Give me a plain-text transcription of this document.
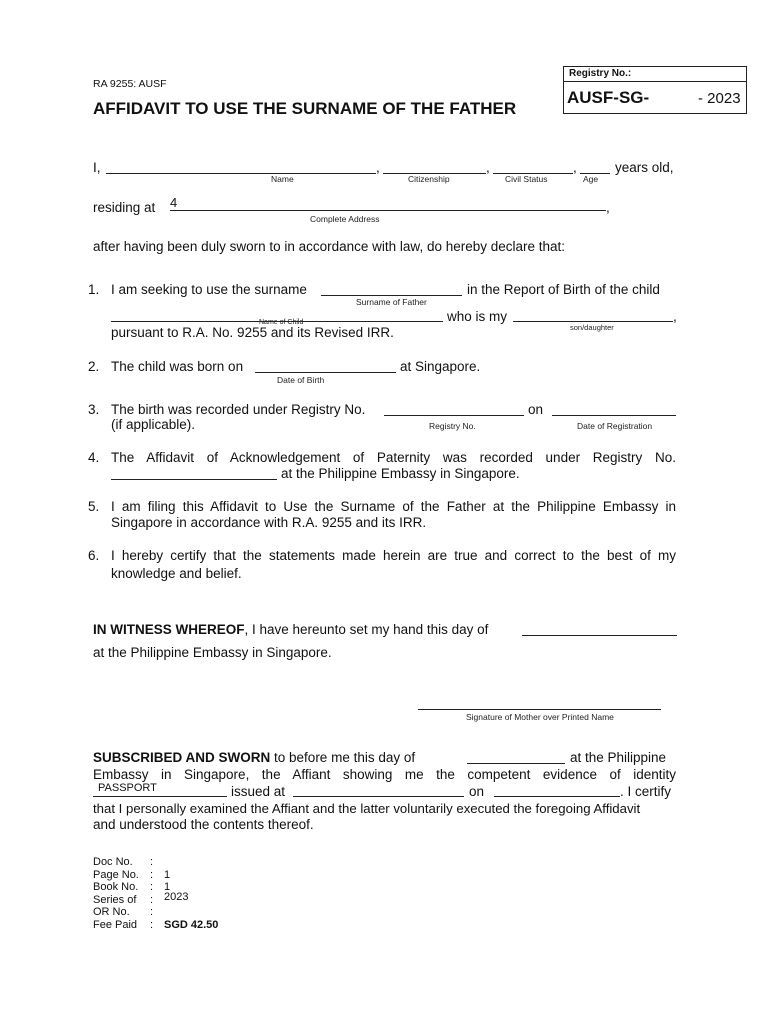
RA 9255: AUSF
AFFIDAVIT TO USE THE SURNAME OF THE FATHER
Registry No.:
AUSF-SG-	- 2023
I,	,	,	,	years old,
Name	Citizenship	Civil Status	Age
residing at 4	,
Complete Address
after having been duly sworn to in accordance with law, do hereby declare that:
1. I am seeking to use the surname	in the Report of Birth of the child
Surname of Father
who is my	,
Name of Child
son/daughter
pursuant to R.A. No. 9255 and its Revised IRR.
2. The child was born on	at Singapore.
Date of Birth
3. The birth was recorded under Registry No.	on
(if applicable).	Registry No.	Date of Registration
4. The Affidavit of Acknowledgement of Paternity was recorded under Registry No.
at the Philippine Embassy in Singapore.
5. I am filing this Affidavit to Use the Surname of the Father at the Philippine Embassy in
Singapore in accordance with R.A. 9255 and its IRR.
6. I hereby certify that the statements made herein are true and correct to the best of my
knowledge and belief.
IN WITNESS WHEREOF, I have hereunto set my hand this day of
at the Philippine Embassy in Singapore.
Signature of Mother over Printed Name
SUBSCRIBED AND SWORN to before me this day of	at the Philippine
Embassy in Singapore, the Affiant showing me the competent evidence of identity
PASSPORT	issued at	on	. I certify
that I personally examined the Affiant and the latter voluntarily executed the foregoing Affidavit
and understood the contents thereof.
Doc No. :
Page No. : 1
Book No. : 1
Series of : 2023
OR No. :
Fee Paid : SGD 42.50
